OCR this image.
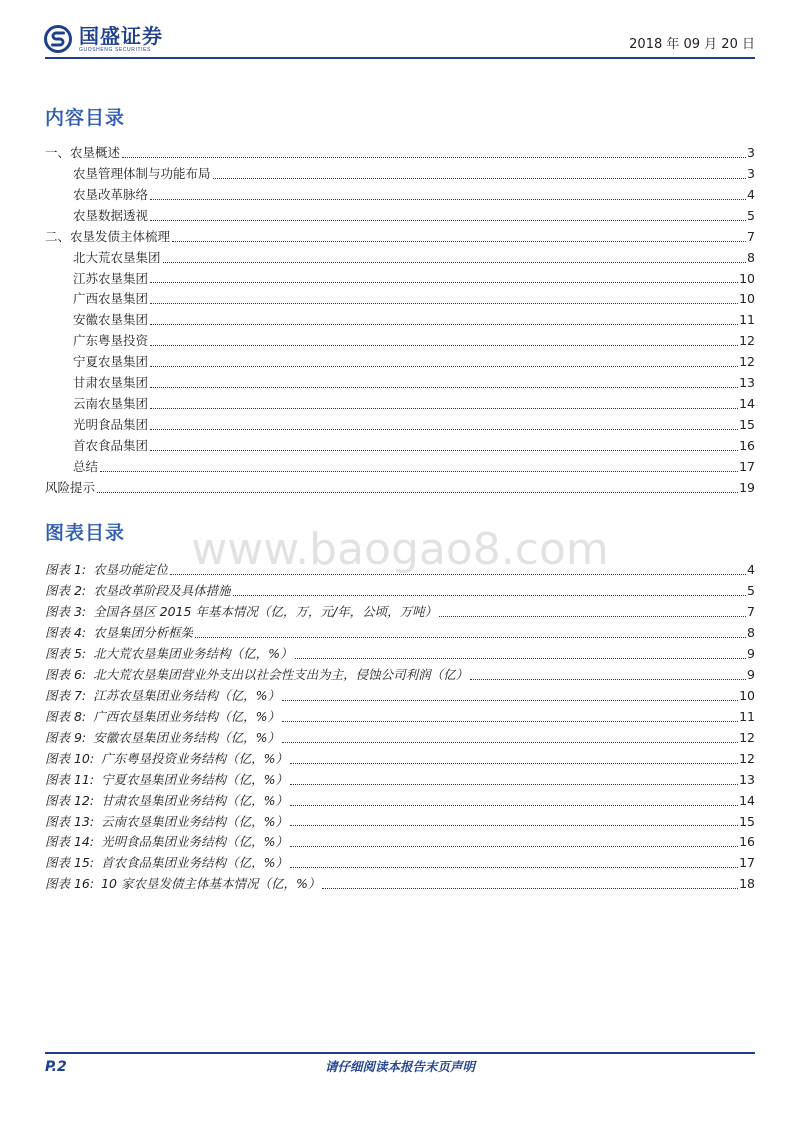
国盛证券
GUOSHENG SECURITIES	2018 年 09 月 20 日
内容目录
一、农垦概述	3
农垦管理体制与功能布局	3
农垦改革脉络	4
农垦数据透视	5
二、农垦发债主体梳理	7
北大荒农垦集团	8
江苏农垦集团	10
广西农垦集团	10
安徽农垦集团	11
广东粤垦投资	12
宁夏农垦集团	12
甘肃农垦集团	13
云南农垦集团	14
光明食品集团	15
首农食品集团	16
总结	17
风险提示	19
www.baogao8.com
图表目录
图表 1: 农垦功能定位	4
图表 2: 农垦改革阶段及具体措施	5
图表 3: 全国各垦区 2015 年基本情况（亿，万，元/年，公顷，万吨）	7
图表 4: 农垦集团分析框架	8
图表 5: 北大荒农垦集团业务结构（亿，%）	9
图表 6: 北大荒农垦集团营业外支出以社会性支出为主，侵蚀公司利润（亿）	9
图表 7: 江苏农垦集团业务结构（亿，%）	10
图表 8: 广西农垦集团业务结构（亿，%）	11
图表 9: 安徽农垦集团业务结构（亿，%）	12
图表 10: 广东粤垦投资业务结构（亿，%）	12
图表 11: 宁夏农垦集团业务结构（亿，%）	13
图表 12: 甘肃农垦集团业务结构（亿，%）	14
图表 13: 云南农垦集团业务结构（亿，%）	15
图表 14: 光明食品集团业务结构（亿，%）	16
图表 15: 首农食品集团业务结构（亿，%）	17
图表 16: 10 家农垦发债主体基本情况（亿，%）	18
P.2	请仔细阅读本报告末页声明
